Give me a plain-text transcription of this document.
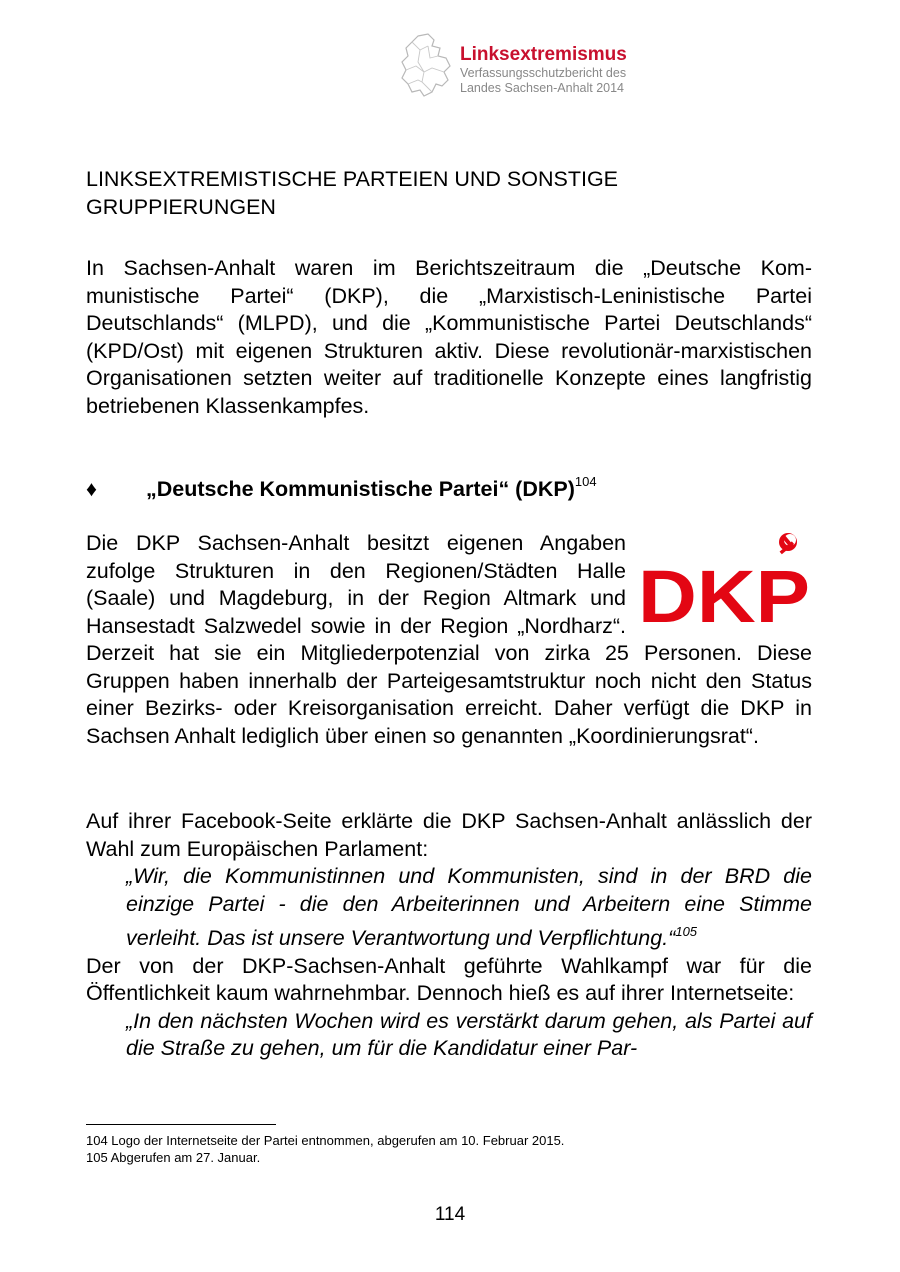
Linksextremismus
Verfassungsschutzbericht des
Landes Sachsen-Anhalt 2014

LINKSEXTREMISTISCHE PARTEIEN UND SONSTIGE GRUPPIERUNGEN

In Sachsen-Anhalt waren im Berichtszeitraum die „Deutsche Kommunistische Partei“ (DKP), die „Marxistisch-Leninistische Partei Deutschlands“ (MLPD), und die „Kommunistische Partei Deutschlands“ (KPD/Ost) mit eigenen Strukturen aktiv. Diese revolutionär-marxistischen Organisationen setzten weiter auf traditionelle Konzepte eines langfristig betriebenen Klassenkampfes.

♦ „Deutsche Kommunistische Partei“ (DKP)$^{104}$
DKP

Die DKP Sachsen-Anhalt besitzt eigenen Angaben zufolge Strukturen in den Regionen/Städten Halle (Saale) und Magdeburg, in der Region Altmark und Hansestadt Salzwedel sowie in der Region „Nordharz“. Derzeit hat sie ein Mitgliederpotenzial von zirka 25 Personen. Diese Gruppen haben innerhalb der Parteigesamtstruktur noch nicht den Status einer Bezirks- oder Kreisorganisation erreicht. Daher verfügt die DKP in Sachsen Anhalt lediglich über einen so genannten „Koordinierungsrat“.

Auf ihrer Facebook-Seite erklärte die DKP Sachsen-Anhalt anlässlich der Wahl zum Europäischen Parlament:

„Wir, die Kommunistinnen und Kommunisten, sind in der BRD die einzige Partei - die den Arbeiterinnen und Arbeitern eine Stimme verleiht. Das ist unsere Verantwortung und Verpflichtung.“$^{105}$

Der von der DKP-Sachsen-Anhalt geführte Wahlkampf war für die Öffentlichkeit kaum wahrnehmbar. Dennoch hieß es auf ihrer Internetseite:

„In den nächsten Wochen wird es verstärkt darum gehen, als Partei auf die Straße zu gehen, um für die Kandidatur einer Par-

104 Logo der Internetseite der Partei entnommen, abgerufen am 10. Februar 2015.
105 Abgerufen am 27. Januar.
114
